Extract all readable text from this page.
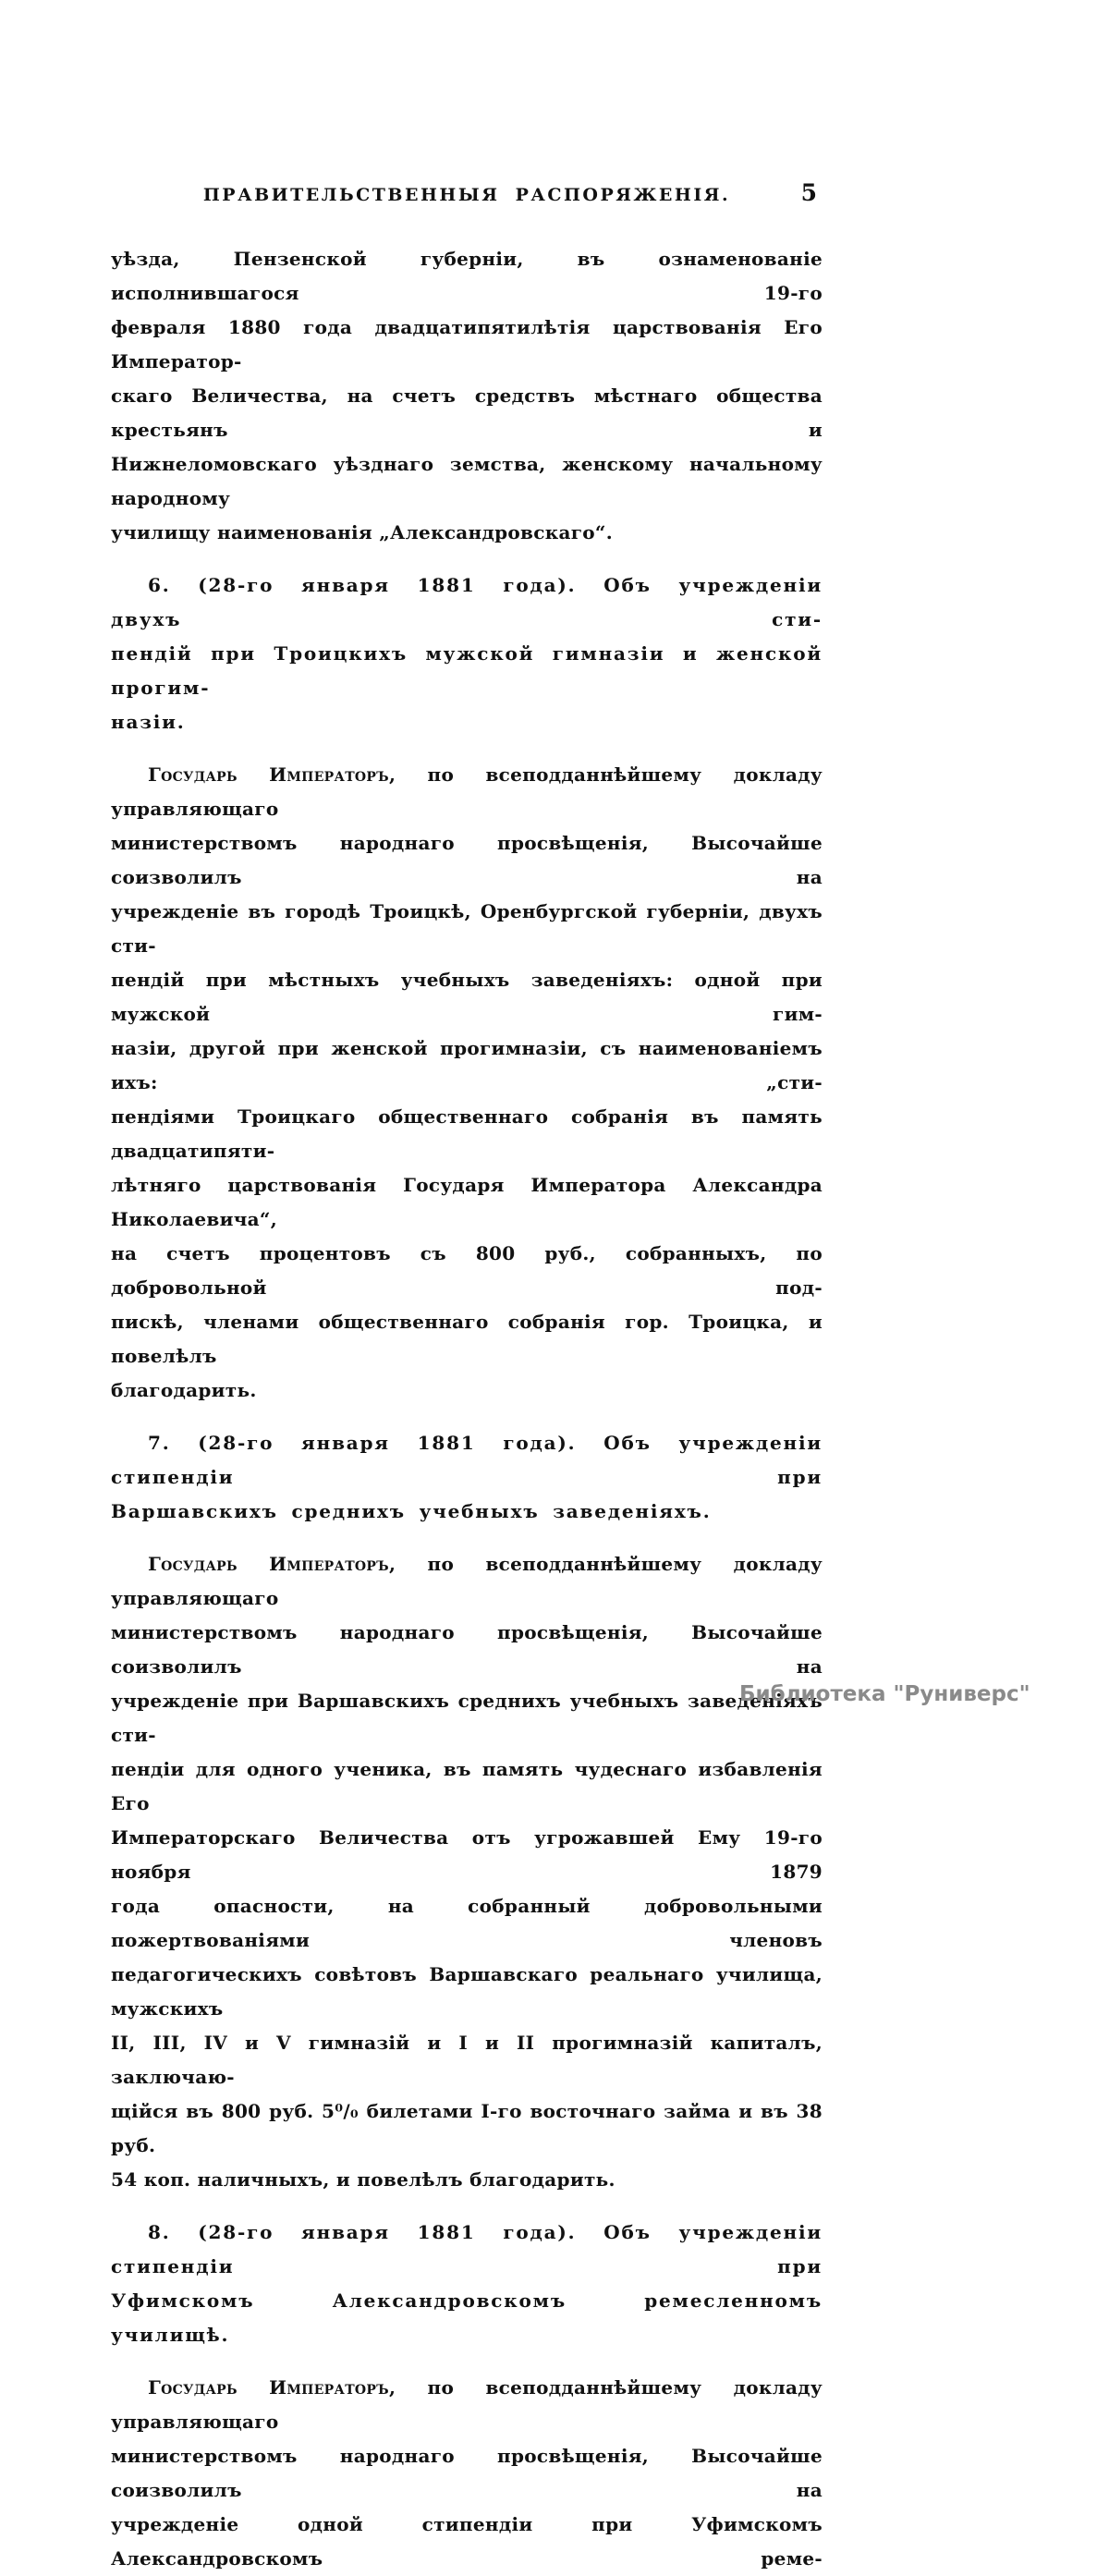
ПРАВИТЕЛЬСТВЕННЫЯ РАСПОРЯЖЕНІЯ.	5
уѣзда, Пензенской губерніи, въ ознаменованіе исполнившагося 19-го
февраля 1880 года двадцатипятилѣтія царствованія Его Император-
скаго Величества, на счетъ средствъ мѣстнаго общества крестьянъ и
Нижнеломовскаго уѣзднаго земства, женскому начальному народному
училищу наименованія „Александровскаго“.
6. (28-го января 1881 года). Объ учрежденіи двухъ сти-
пендій при Троицкихъ мужской гимназіи и женской прогим-
назіи.
Государь Императоръ, по всеподданнѣйшему докладу управляющаго
министерствомъ народнаго просвѣщенія, Высочайше соизволилъ на
учрежденіе въ городѣ Троицкѣ, Оренбургской губерніи, двухъ сти-
пендій при мѣстныхъ учебныхъ заведеніяхъ: одной при мужской гим-
назіи, другой при женской прогимназіи, съ наименованіемъ ихъ: „сти-
пендіями Троицкаго общественнаго собранія въ память двадцатипяти-
лѣтняго царствованія Государя Императора Александра Николаевича“,
на счетъ процентовъ съ 800 руб., собранныхъ, по добровольной под-
пискѣ, членами общественнаго собранія гор. Троицка, и повелѣлъ
благодарить.
7. (28-го января 1881 года). Объ учрежденіи стипендіи при
Варшавскихъ среднихъ учебныхъ заведеніяхъ.
Государь Императоръ, по всеподданнѣйшему докладу управляющаго
министерствомъ народнаго просвѣщенія, Высочайше соизволилъ на
учрежденіе при Варшавскихъ среднихъ учебныхъ заведеніяхъ сти-
пендіи для одного ученика, въ память чудеснаго избавленія Его
Императорскаго Величества отъ угрожавшей Ему 19-го ноября 1879
года опасности, на собранный добровольными пожертвованіями членовъ
педагогическихъ совѣтовъ Варшавскаго реальнаго училища, мужскихъ
II, III, IV и V гимназій и I и II прогимназій капиталъ, заключаю-
щійся въ 800 руб. 5⁰/₀ билетами I-го восточнаго займа и въ 38 руб.
54 коп. наличныхъ, и повелѣлъ благодарить.
8. (28-го января 1881 года). Объ учрежденіи стипендіи при
Уфимскомъ Александровскомъ ремесленномъ училищѣ.
Государь Императоръ, по всеподданнѣйшему докладу управляющаго
министерствомъ народнаго просвѣщенія, Высочайше соизволилъ на
учрежденіе одной стипендіи при Уфимскомъ Александровскомъ реме-
Библиотека "Руниверс"
